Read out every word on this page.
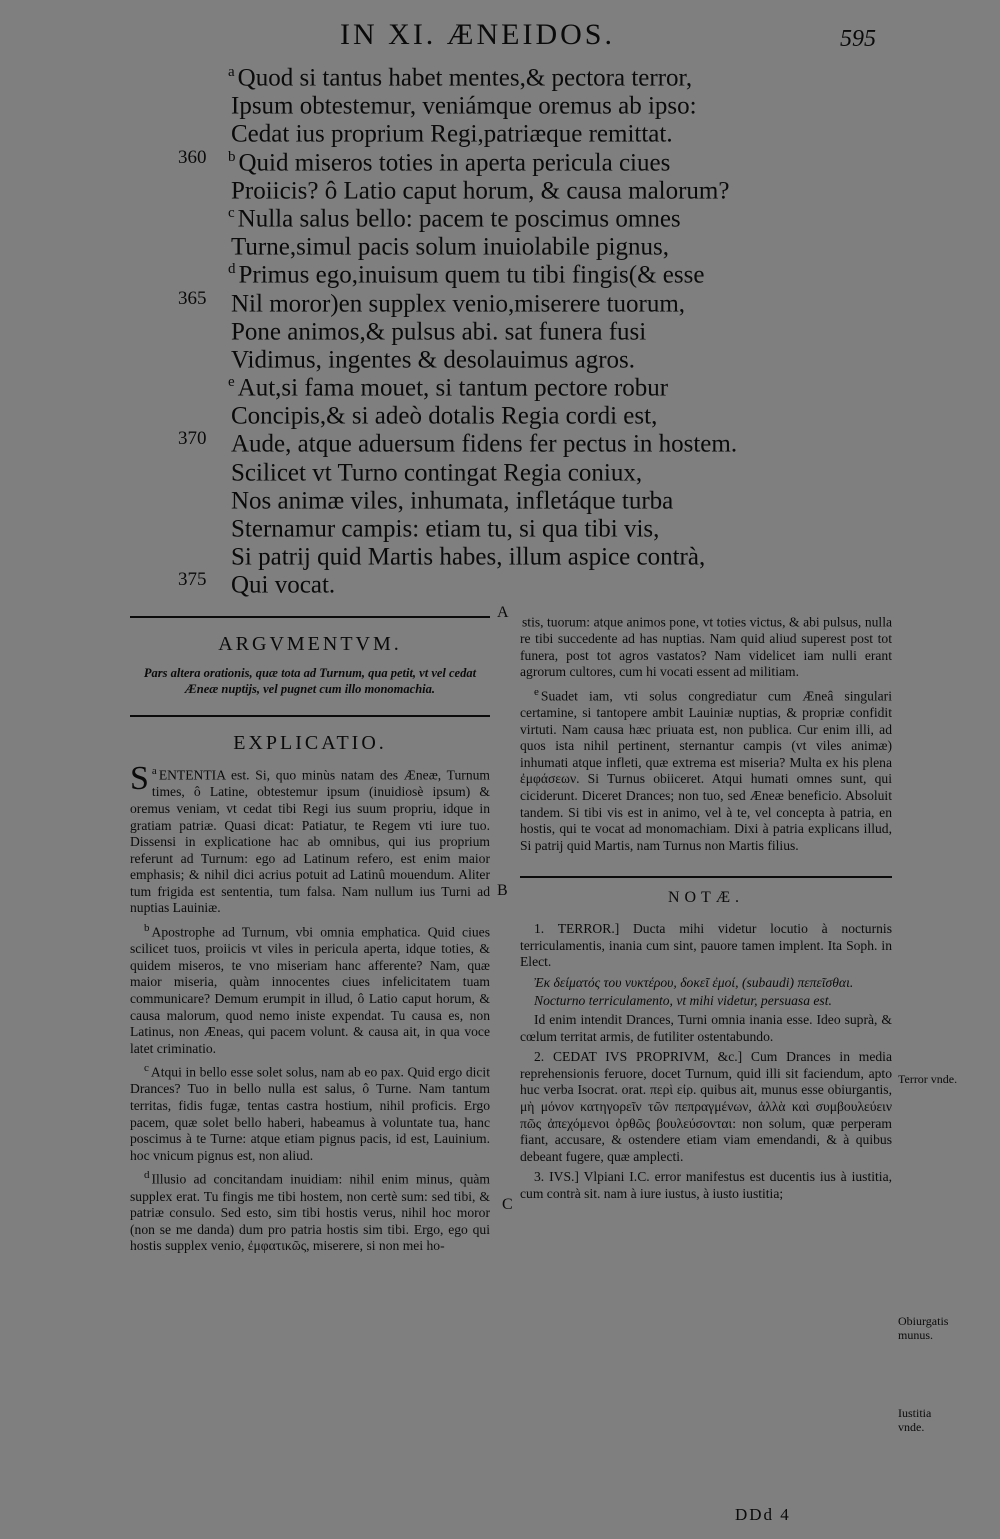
IN XI. ÆNEIDOS.	595
$^a$ Quod si tantus habet mentes,& pectora terror,
Ipsum obtestemur, veniámque oremus ab ipso:
Cedat ius proprium Regi,patriæque remittat.
360 $^b$ Quid miseros toties in aperta pericula ciues
Proiicis? ô Latio caput horum, & causa malorum?
$^c$ Nulla salus bello: pacem te poscimus omnes
Turne,simul pacis solum inuiolabile pignus,
$^d$ Primus ego,inuisum quem tu tibi fingis(& esse
365 Nil moror)en supplex venio,miserere tuorum,
Pone animos,& pulsus abi. sat funera fusi
Vidimus, ingentes & desolauimus agros.
$^e$ Aut,si fama mouet, si tantum pectore robur
Concipis,& si adeò dotalis Regia cordi est,
370 Aude, atque aduersum fidens fer pectus in hostem.
Scilicet vt Turno contingat Regia coniux,
Nos animæ viles, inhumata, infletáque turba
Sternamur campis: etiam tu, si qua tibi vis,
Si patrij quid Martis habes, illum aspice contrà,
375 Qui vocat.
ARGVMENTVM.
Pars altera orationis, quæ tota ad Turnum, qua petit, vt vel cedat Æneæ nuptijs, vel pugnet cum illo monomachia.
EXPLICATIO.

$^a$
S ENTENTIA est. Si, quo minùs natam des Æneæ, Turnum times, ô Latine, obtestemur ipsum (inuidiosè ipsum) & oremus veniam, vt cedat tibi Regi ius suum propriu, idque in gratiam patriæ. Quasi dicat: Patiatur, te Regem vti iure tuo. Dissensi in explicatione hac ab omnibus, qui ius proprium referunt ad Turnum: ego ad Latinum refero, est enim maior emphasis; & nihil dici acrius potuit ad Latinû mouendum. Aliter tum frigida est sententia, tum falsa. Nam nullum ius Turni ad nuptias Lauiniæ.

$^b$ Apostrophe ad Turnum, vbi omnia emphatica. Quid ciues scilicet tuos, proiicis vt viles in pericula aperta, idque toties, & quidem miseros, te vno miseriam hanc afferente? Nam, quæ maior miseria, quàm innocentes ciues infelicitatem tuam communicare? Demum erumpit in illud, ô Latio caput horum, & causa malorum, quod nemo iniste expendat. Tu causa es, non Latinus, non Æneas, qui pacem volunt. & causa ait, in qua voce latet criminatio.

$^c$ Atqui in bello esse solet solus, nam ab eo pax. Quid ergo dicit Drances? Tuo in bello nulla est salus, ô Turne. Nam tantum territas, fidis fugæ, tentas castra hostium, nihil proficis. Ergo pacem, quæ solet bello haberi, habeamus à voluntate tua, hanc poscimus à te Turne: atque etiam pignus pacis, id est, Lauinium. hoc vnicum pignus est, non aliud.

$^d$ Illusio ad concitandam inuidiam: nihil enim minus, quàm supplex erat. Tu fingis me tibi hostem, non certè sum: sed tibi, & patriæ consulo. Sed esto, sim tibi hostis verus, nihil hoc moror (non se me danda) dum pro patria hostis sim tibi. Ergo, ego qui hostis supplex venio, ἐμφατικῶς, miserere, si non mei ho-

stis, tuorum: atque animos pone, vt toties victus, & abi pulsus, nulla re tibi succedente ad has nuptias. Nam quid aliud superest post tot funera, post tot agros vastatos? Nam videlicet iam nulli erant agrorum cultores, cum hi vocati essent ad militiam.

$^e$ Suadet iam, vti solus congrediatur cum Æneâ singulari certamine, si tantopere ambit Lauiniæ nuptias, & propriæ confidit virtuti. Nam causa hæc priuata est, non publica. Cur enim illi, ad quos ista nihil pertinent, sternantur campis (vt viles animæ) inhumati atque infleti, quæ extrema est miseria? Multa ex his plena ἐμφάσεων. Si Turnus obiiceret. Atqui humati omnes sunt, qui ciciderunt. Diceret Drances; non tuo, sed Æneæ beneficio. Absoluit tandem. Si tibi vis est in animo, vel à te, vel concepta à patria, en hostis, qui te vocat ad monomachiam. Dixi à patria explicans illud, Si patrij quid Martis, nam Turnus non Martis filius.

NOTÆ.

1. TERROR.] Ducta mihi videtur locutio à nocturnis terriculamentis, inania cum sint, pauore tamen implent. Ita Soph. in Elect.

Ἐκ δείματός του νυκτέρου, δοκεῖ ἐμοί, (subaudi) πεπεῖσθαι.

Nocturno terriculamento, vt mihi videtur, persuasa est.

Id enim intendit Drances, Turni omnia inania esse. Ideo suprà, & cœlum territat armis, de futiliter ostentabundo.

2. CEDAT IVS PROPRIVM, &c.] Cum Drances in media reprehensionis feruore, docet Turnum, quid illi sit faciendum, apto huc verba Isocrat. orat. περὶ εἰρ. quibus ait, munus esse obiurgantis, μὴ μόνον κατηγορεῖν τῶν πεπραγμένων, ἀλλὰ καὶ συμβουλεύειν πῶς ἀπεχόμενοι ὀρθῶς βουλεύσονται: non solum, quæ perperam fiant, accusare, & ostendere etiam viam emendandi, & à quibus debeant fugere, quæ amplecti.

3. IVS.] Vlpiani I.C. error manifestus est ducentis ius à iustitia, cum contrà sit. nam à iure iustus, à iusto iustitia;

A
B
C
Terror vnde.
Obiurgatis munus.
Iustitia vnde.
DDd 4
